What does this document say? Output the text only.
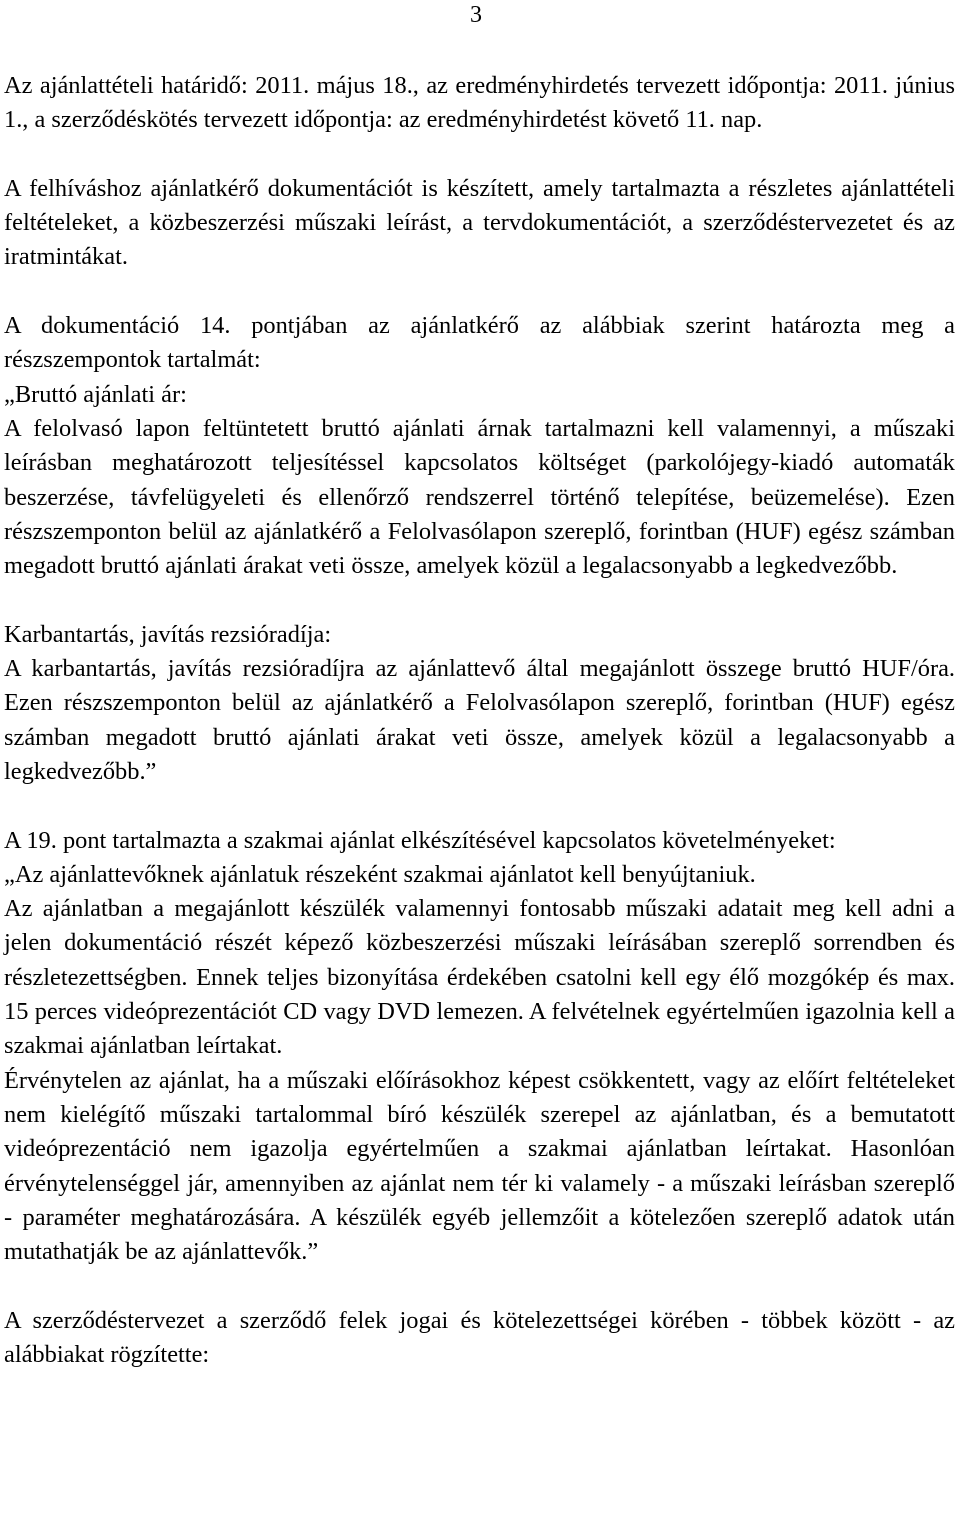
3

Az ajánlattételi határidő: 2011. május 18., az eredményhirdetés tervezett időpontja: 2011. június 1., a szerződéskötés tervezett időpontja: az eredményhirdetést követő 11. nap.

A felhíváshoz ajánlatkérő dokumentációt is készített, amely tartalmazta a részletes ajánlattételi feltételeket, a közbeszerzési műszaki leírást, a tervdokumentációt, a szerződéstervezetet és az iratmintákat.

A dokumentáció 14. pontjában az ajánlatkérő az alábbiak szerint határozta meg a részszempontok tartalmát:

„Bruttó ajánlati ár:

A felolvasó lapon feltüntetett bruttó ajánlati árnak tartalmazni kell valamennyi, a műszaki leírásban meghatározott teljesítéssel kapcsolatos költséget (parkolójegy-kiadó automaták beszerzése, távfelügyeleti és ellenőrző rendszerrel történő telepítése, beüzemelése). Ezen részszemponton belül az ajánlatkérő a Felolvasólapon szereplő, forintban (HUF) egész számban megadott bruttó ajánlati árakat veti össze, amelyek közül a legalacsonyabb a legkedvezőbb.

Karbantartás, javítás rezsióradíja:

A karbantartás, javítás rezsióradíjra az ajánlattevő által megajánlott összege bruttó HUF/óra. Ezen részszemponton belül az ajánlatkérő a Felolvasólapon szereplő, forintban (HUF) egész számban megadott bruttó ajánlati árakat veti össze, amelyek közül a legalacsonyabb a legkedvezőbb.”

A 19. pont tartalmazta a szakmai ajánlat elkészítésével kapcsolatos követelményeket:

„Az ajánlattevőknek ajánlatuk részeként szakmai ajánlatot kell benyújtaniuk.

Az ajánlatban a megajánlott készülék valamennyi fontosabb műszaki adatait meg kell adni a jelen dokumentáció részét képező közbeszerzési műszaki leírásában szereplő sorrendben és részletezettségben. Ennek teljes bizonyítása érdekében csatolni kell egy élő mozgókép és max. 15 perces videóprezentációt CD vagy DVD lemezen. A felvételnek egyértelműen igazolnia kell a szakmai ajánlatban leírtakat.

Érvénytelen az ajánlat, ha a műszaki előírásokhoz képest csökkentett, vagy az előírt feltételeket nem kielégítő műszaki tartalommal bíró készülék szerepel az ajánlatban, és a bemutatott videóprezentáció nem igazolja egyértelműen a szakmai ajánlatban leírtakat. Hasonlóan érvénytelenséggel jár, amennyiben az ajánlat nem tér ki valamely - a műszaki leírásban szereplő - paraméter meghatározására. A készülék egyéb jellemzőit a kötelezően szereplő adatok után mutathatják be az ajánlattevők.”

A szerződéstervezet a szerződő felek jogai és kötelezettségei körében - többek között - az alábbiakat rögzítette:
